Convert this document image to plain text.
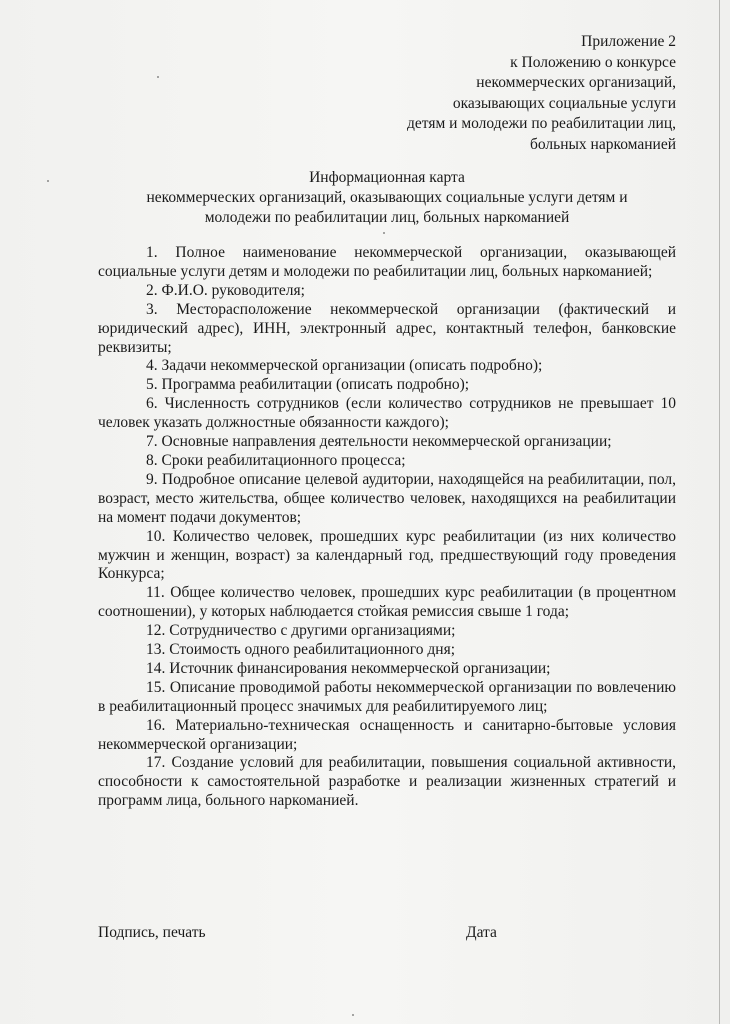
Приложение 2
к Положению о конкурсе
некоммерческих организаций,
оказывающих социальные услуги
детям и молодежи по реабилитации лиц,
больных наркоманией
Информационная карта
некоммерческих организаций, оказывающих социальные услуги детям и
молодежи по реабилитации лиц, больных наркоманией

1. Полное наименование некоммерческой организации, оказывающей социальные услуги детям и молодежи по реабилитации лиц, больных наркоманией;

2. Ф.И.О. руководителя;

3. Месторасположение некоммерческой организации (фактический и юридический адрес), ИНН, электронный адрес, контактный телефон, банковские реквизиты;

4. Задачи некоммерческой организации (описать подробно);

5. Программа реабилитации (описать подробно);

6. Численность сотрудников (если количество сотрудников не превышает 10 человек указать должностные обязанности каждого);

7. Основные направления деятельности некоммерческой организации;

8. Сроки реабилитационного процесса;

9. Подробное описание целевой аудитории, находящейся на реабилитации, пол, возраст, место жительства, общее количество человек, находящихся на реабилитации на момент подачи документов;

10. Количество человек, прошедших курс реабилитации (из них количество мужчин и женщин, возраст) за календарный год, предшествующий году проведения Конкурса;

11. Общее количество человек, прошедших курс реабилитации (в процентном соотношении), у которых наблюдается стойкая ремиссия свыше 1 года;

12. Сотрудничество с другими организациями;

13. Стоимость одного реабилитационного дня;

14. Источник финансирования некоммерческой организации;

15. Описание проводимой работы некоммерческой организации по вовлечению в реабилитационный процесс значимых для реабилитируемого лиц;

16. Материально-техническая оснащенность и санитарно-бытовые условия некоммерческой организации;

17. Создание условий для реабилитации, повышения социальной активности, способности к самостоятельной разработке и реализации жизненных стратегий и программ лица, больного наркоманией.

Подпись, печать	Дата
